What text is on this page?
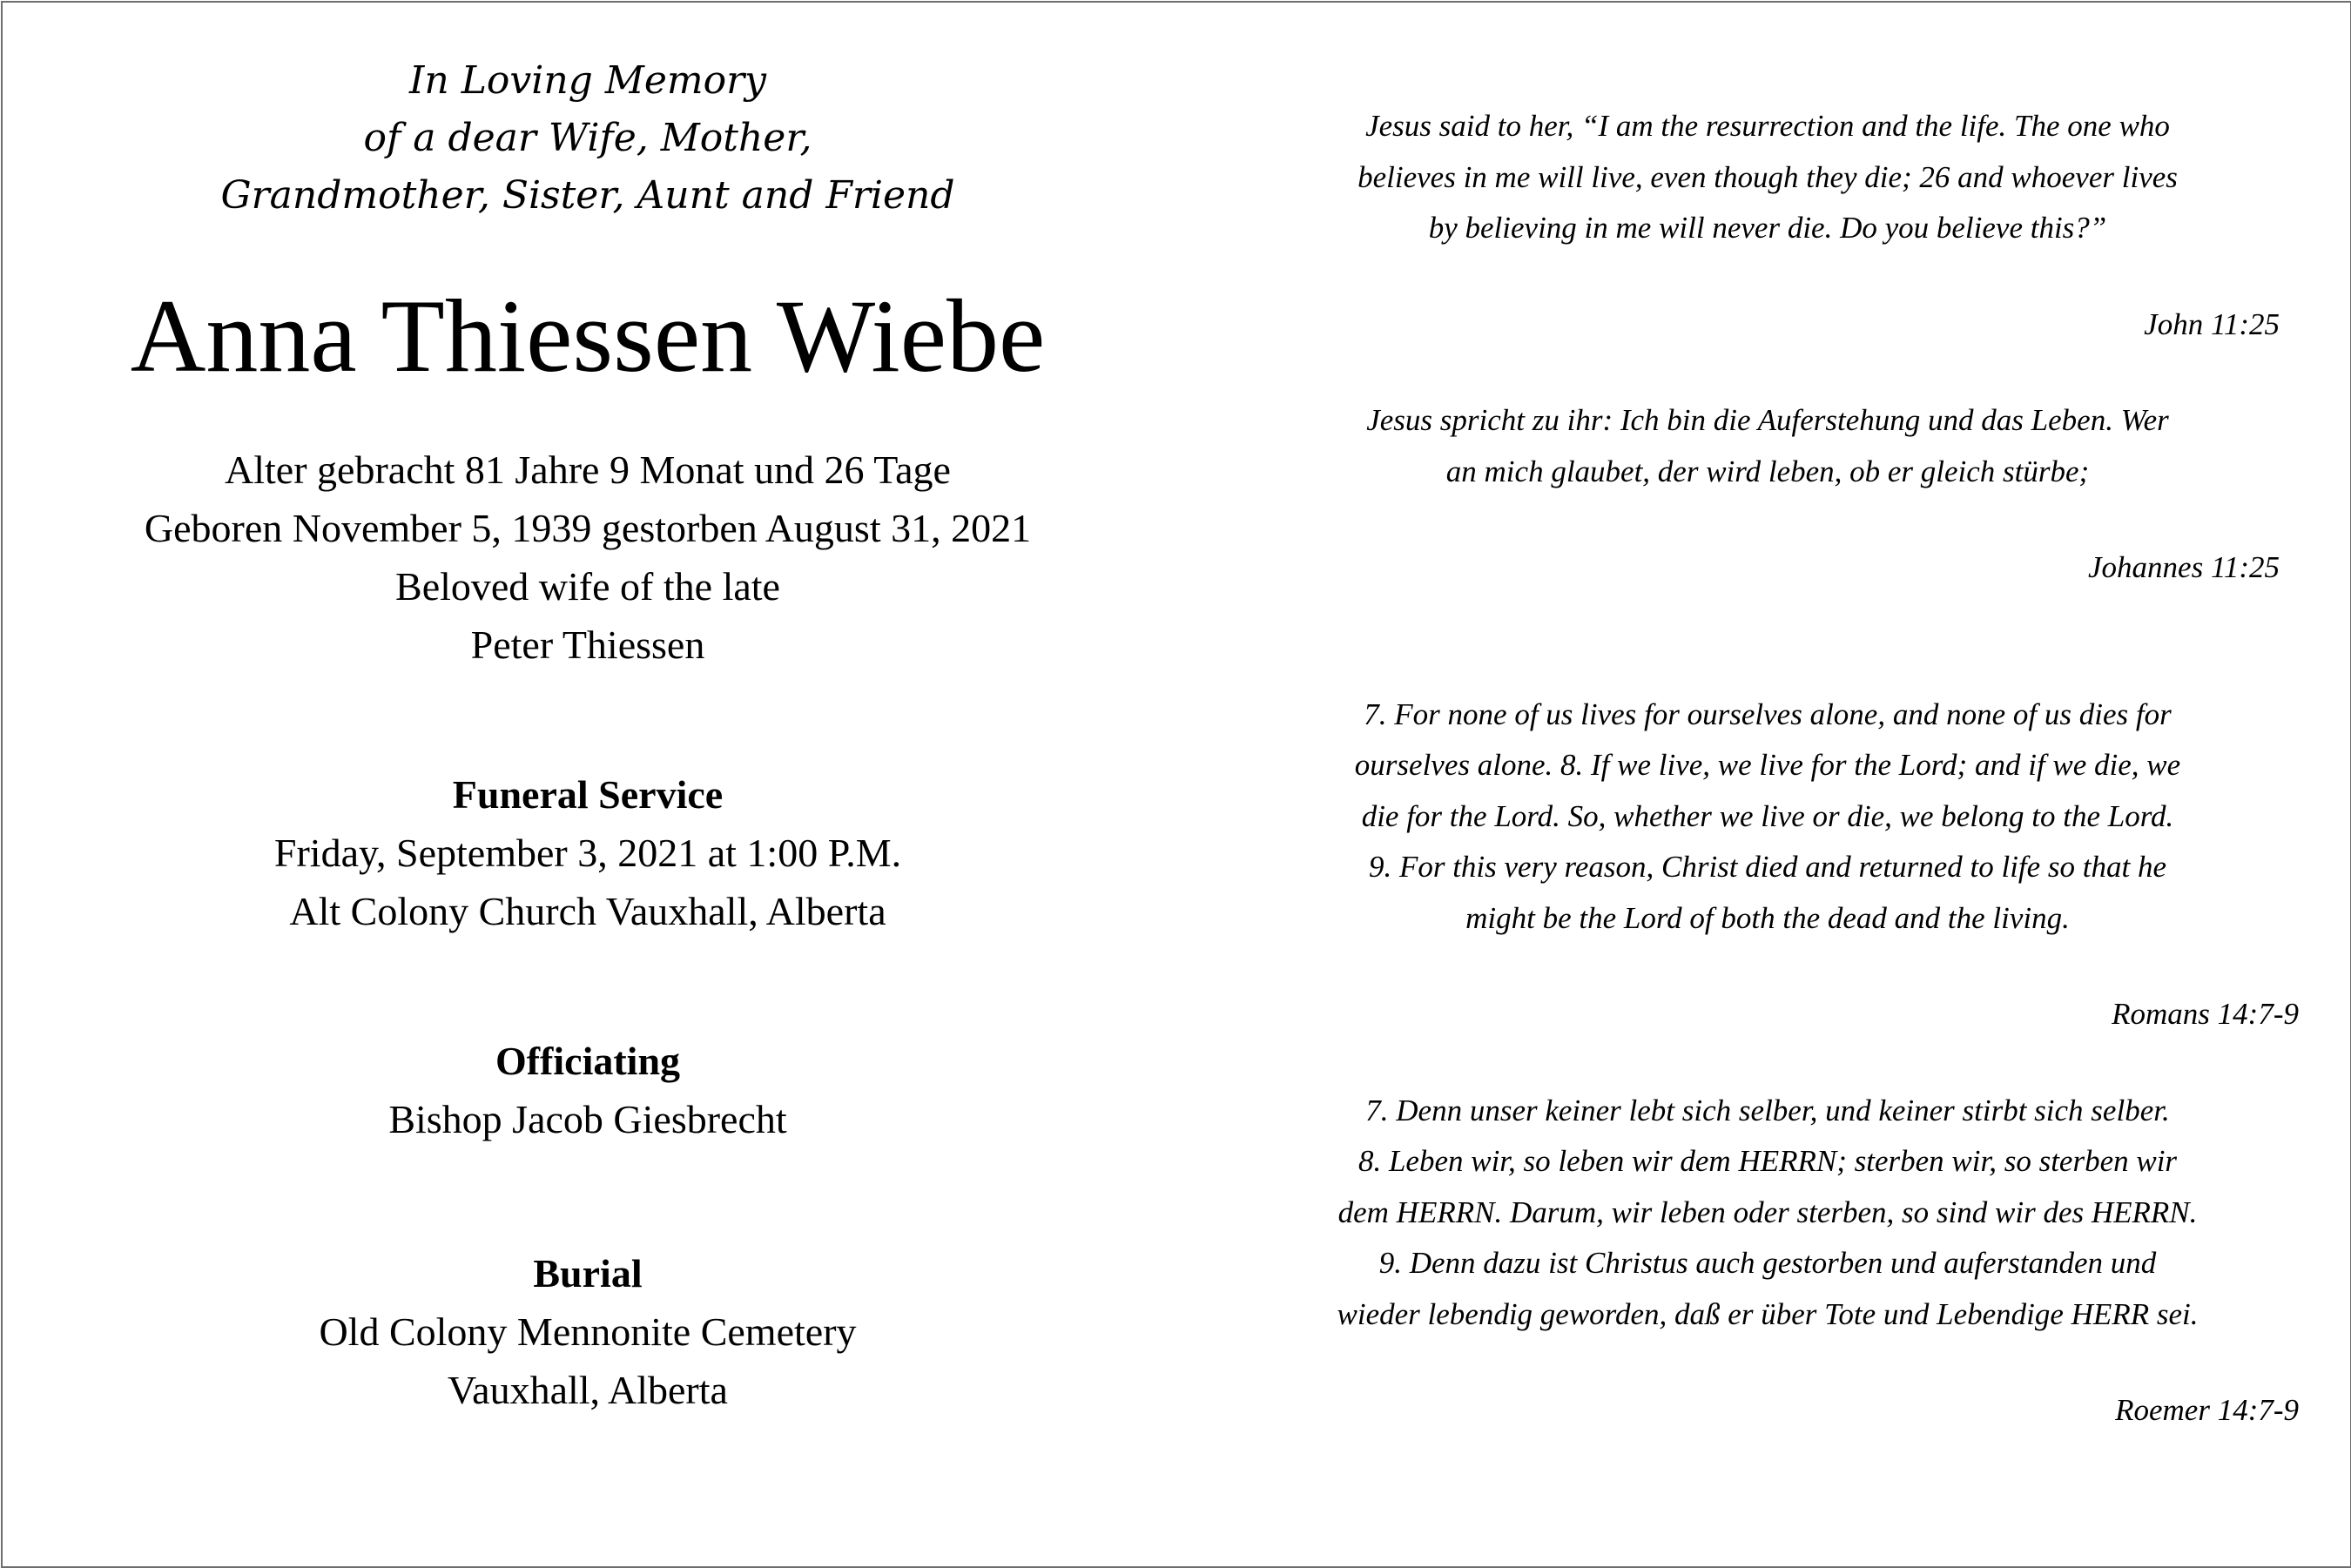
In Loving Memory
of a dear Wife, Mother,
Grandmother, Sister, Aunt and Friend
Anna Thiessen Wiebe
Alter gebracht 81 Jahre 9 Monat und 26 Tage
Geboren November 5, 1939 gestorben August 31, 2021
Beloved wife of the late
Peter Thiessen
Funeral Service
Friday, September 3, 2021 at 1:00 P.M.
Alt Colony Church Vauxhall, Alberta
Officiating
Bishop Jacob Giesbrecht
Burial
Old Colony Mennonite Cemetery
Vauxhall, Alberta
Jesus said to her, “I am the resurrection and the life. The one who
believes in me will live, even though they die; 26 and whoever lives
by believing in me will never die. Do you believe this?”
John 11:25
Jesus spricht zu ihr: Ich bin die Auferstehung und das Leben. Wer
an mich glaubet, der wird leben, ob er gleich stürbe;
Johannes 11:25
7. For none of us lives for ourselves alone, and none of us dies for
ourselves alone. 8. If we live, we live for the Lord; and if we die, we
die for the Lord. So, whether we live or die, we belong to the Lord.
9. For this very reason, Christ died and returned to life so that he
might be the Lord of both the dead and the living.
Romans 14:7-9
7. Denn unser keiner lebt sich selber, und keiner stirbt sich selber.
8. Leben wir, so leben wir dem HERRN; sterben wir, so sterben wir
dem HERRN. Darum, wir leben oder sterben, so sind wir des HERRN.
9. Denn dazu ist Christus auch gestorben und auferstanden und
wieder lebendig geworden, daß er über Tote und Lebendige HERR sei.
Roemer 14:7-9
